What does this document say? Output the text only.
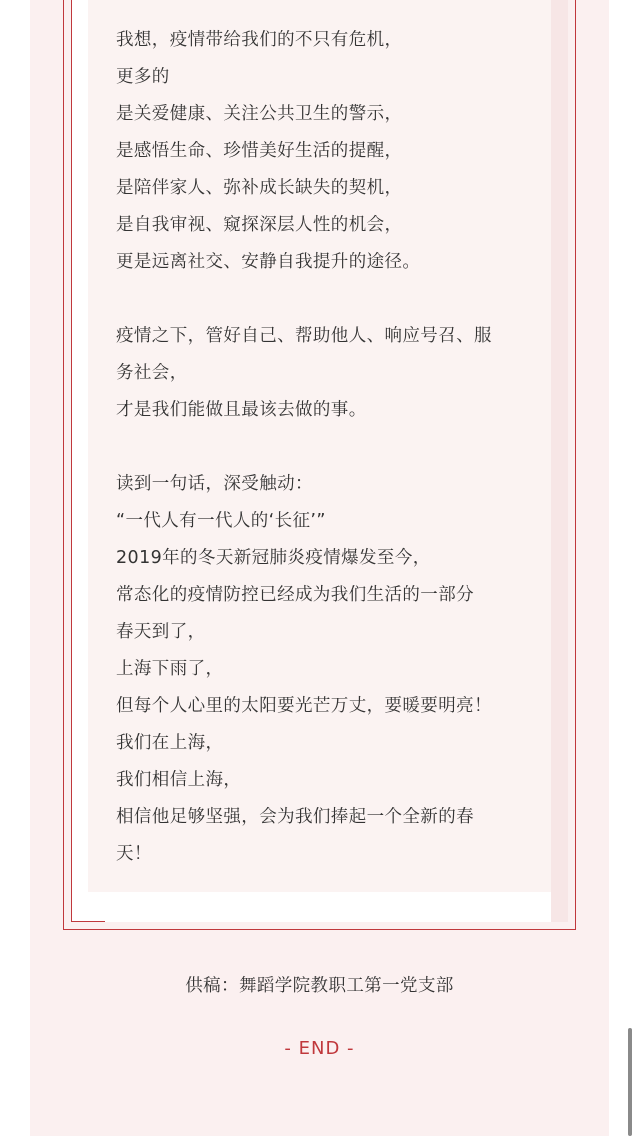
我想，疫情带给我们的不只有危机，
更多的
是关爱健康、关注公共卫生的警示，
是感悟生命、珍惜美好生活的提醒，
是陪伴家人、弥补成长缺失的契机，
是自我审视、窥探深层人性的机会，
更是远离社交、安静自我提升的途径。
疫情之下，管好自己、帮助他人、响应号召、服
务社会，
才是我们能做且最该去做的事。
读到一句话，深受触动：
“一代人有一代人的‘长征’”
2019年的冬天新冠肺炎疫情爆发至今，
常态化的疫情防控已经成为我们生活的一部分
春天到了，
上海下雨了，
但每个人心里的太阳要光芒万丈，要暖要明亮！
我们在上海，
我们相信上海，
相信他足够坚强，会为我们捧起一个全新的春
天！
供稿：舞蹈学院教职工第一党支部
- END -
